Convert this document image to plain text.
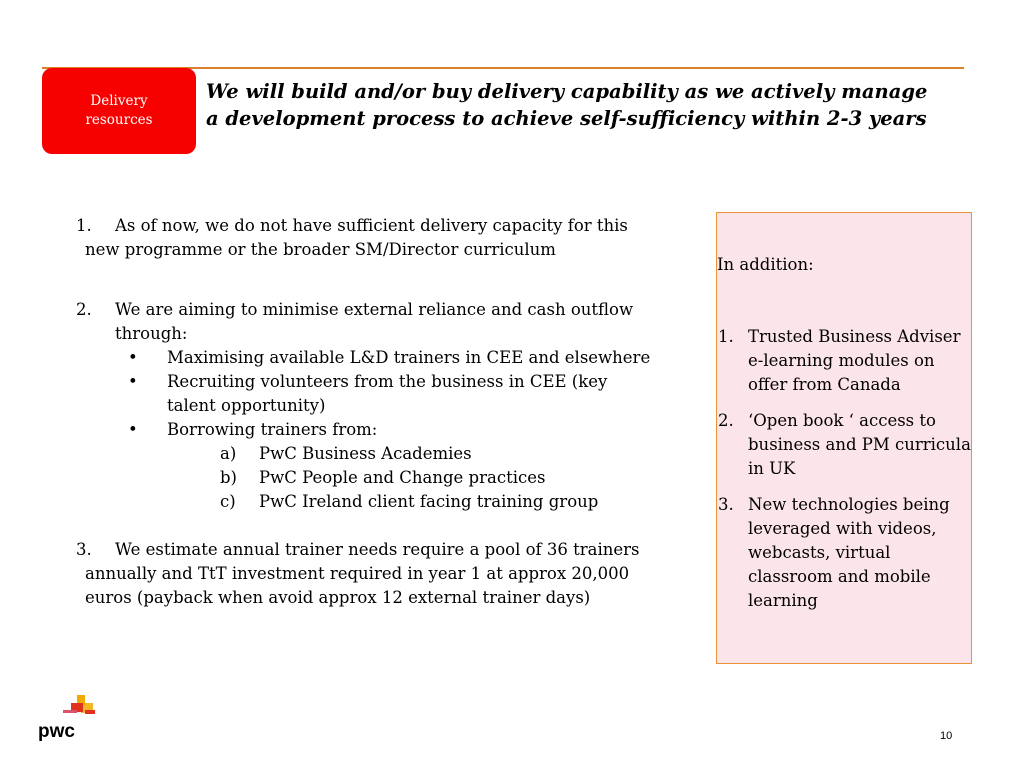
Delivery
resources

We will build and/or buy delivery capability as we actively manage a development process to achieve self-sufficiency within 2-3 years

1. As of now, we do not have sufficient delivery capacity for this
new programme or the broader SM/Director curriculum
2. We are aiming to minimise external reliance and cash outflow
through:
• Maximising available L&D trainers in CEE and elsewhere
• Recruiting volunteers from the business in CEE (key talent opportunity)
• Borrowing trainers from:
a) PwC Business Academies
b) PwC People and Change practices
c) PwC Ireland client facing training group
3. We estimate annual trainer needs require a pool of 36 trainers
annually and TtT investment required in year 1 at approx 20,000 euros (payback when avoid approx 12 external trainer days)

In addition:

1. Trusted Business Adviser e-learning modules on offer from Canada
2. ‘Open book ‘ access to business and PM curricula in UK
3. New technologies being leveraged with videos, webcasts, virtual classroom and mobile learning
pwc	10
